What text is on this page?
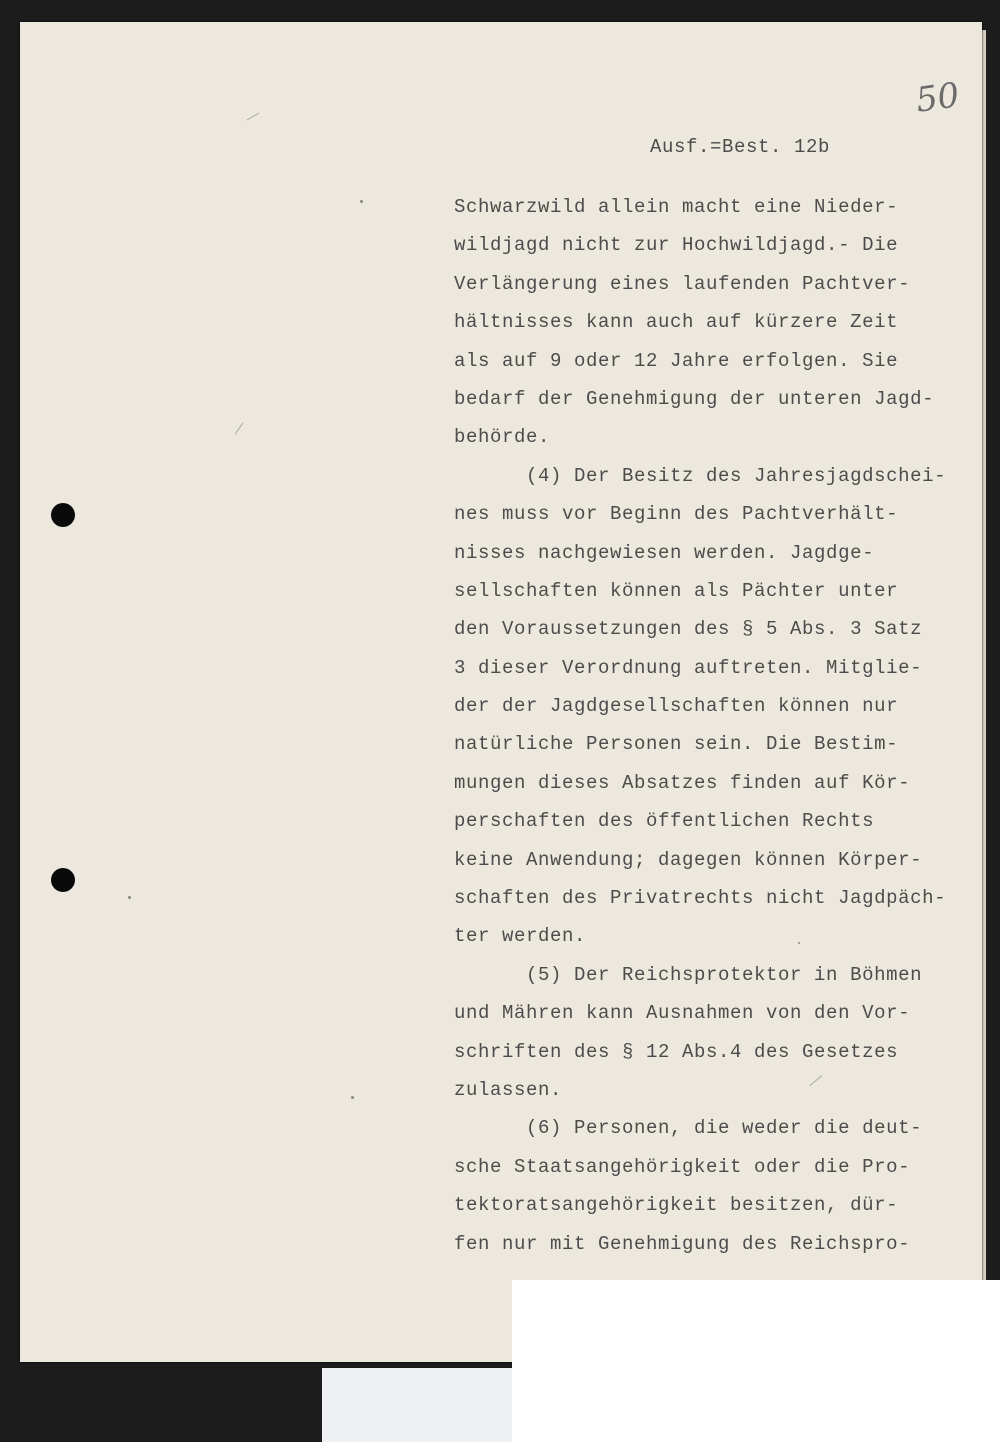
50
Ausf.=Best. 12b
Schwarzwild allein macht eine Nieder-
wildjagd nicht zur Hochwildjagd.- Die
Verlängerung eines laufenden Pachtver-
hältnisses kann auch auf kürzere Zeit
als auf 9 oder 12 Jahre erfolgen. Sie
bedarf der Genehmigung der unteren Jagd-
behörde.
(4) Der Besitz des Jahresjagdschei-
nes muss vor Beginn des Pachtverhält-
nisses nachgewiesen werden. Jagdge-
sellschaften können als Pächter unter
den Voraussetzungen des § 5 Abs. 3 Satz
3 dieser Verordnung auftreten. Mitglie-
der der Jagdgesellschaften können nur
natürliche Personen sein. Die Bestim-
mungen dieses Absatzes finden auf Kör-
perschaften des öffentlichen Rechts
keine Anwendung; dagegen können Körper-
schaften des Privatrechts nicht Jagdpäch-
ter werden.
(5) Der Reichsprotektor in Böhmen
und Mähren kann Ausnahmen von den Vor-
schriften des § 12 Abs.4 des Gesetzes
zulassen.
(6) Personen, die weder die deut-
sche Staatsangehörigkeit oder die Pro-
tektoratsangehörigkeit besitzen, dür-
fen nur mit Genehmigung des Reichspro-
